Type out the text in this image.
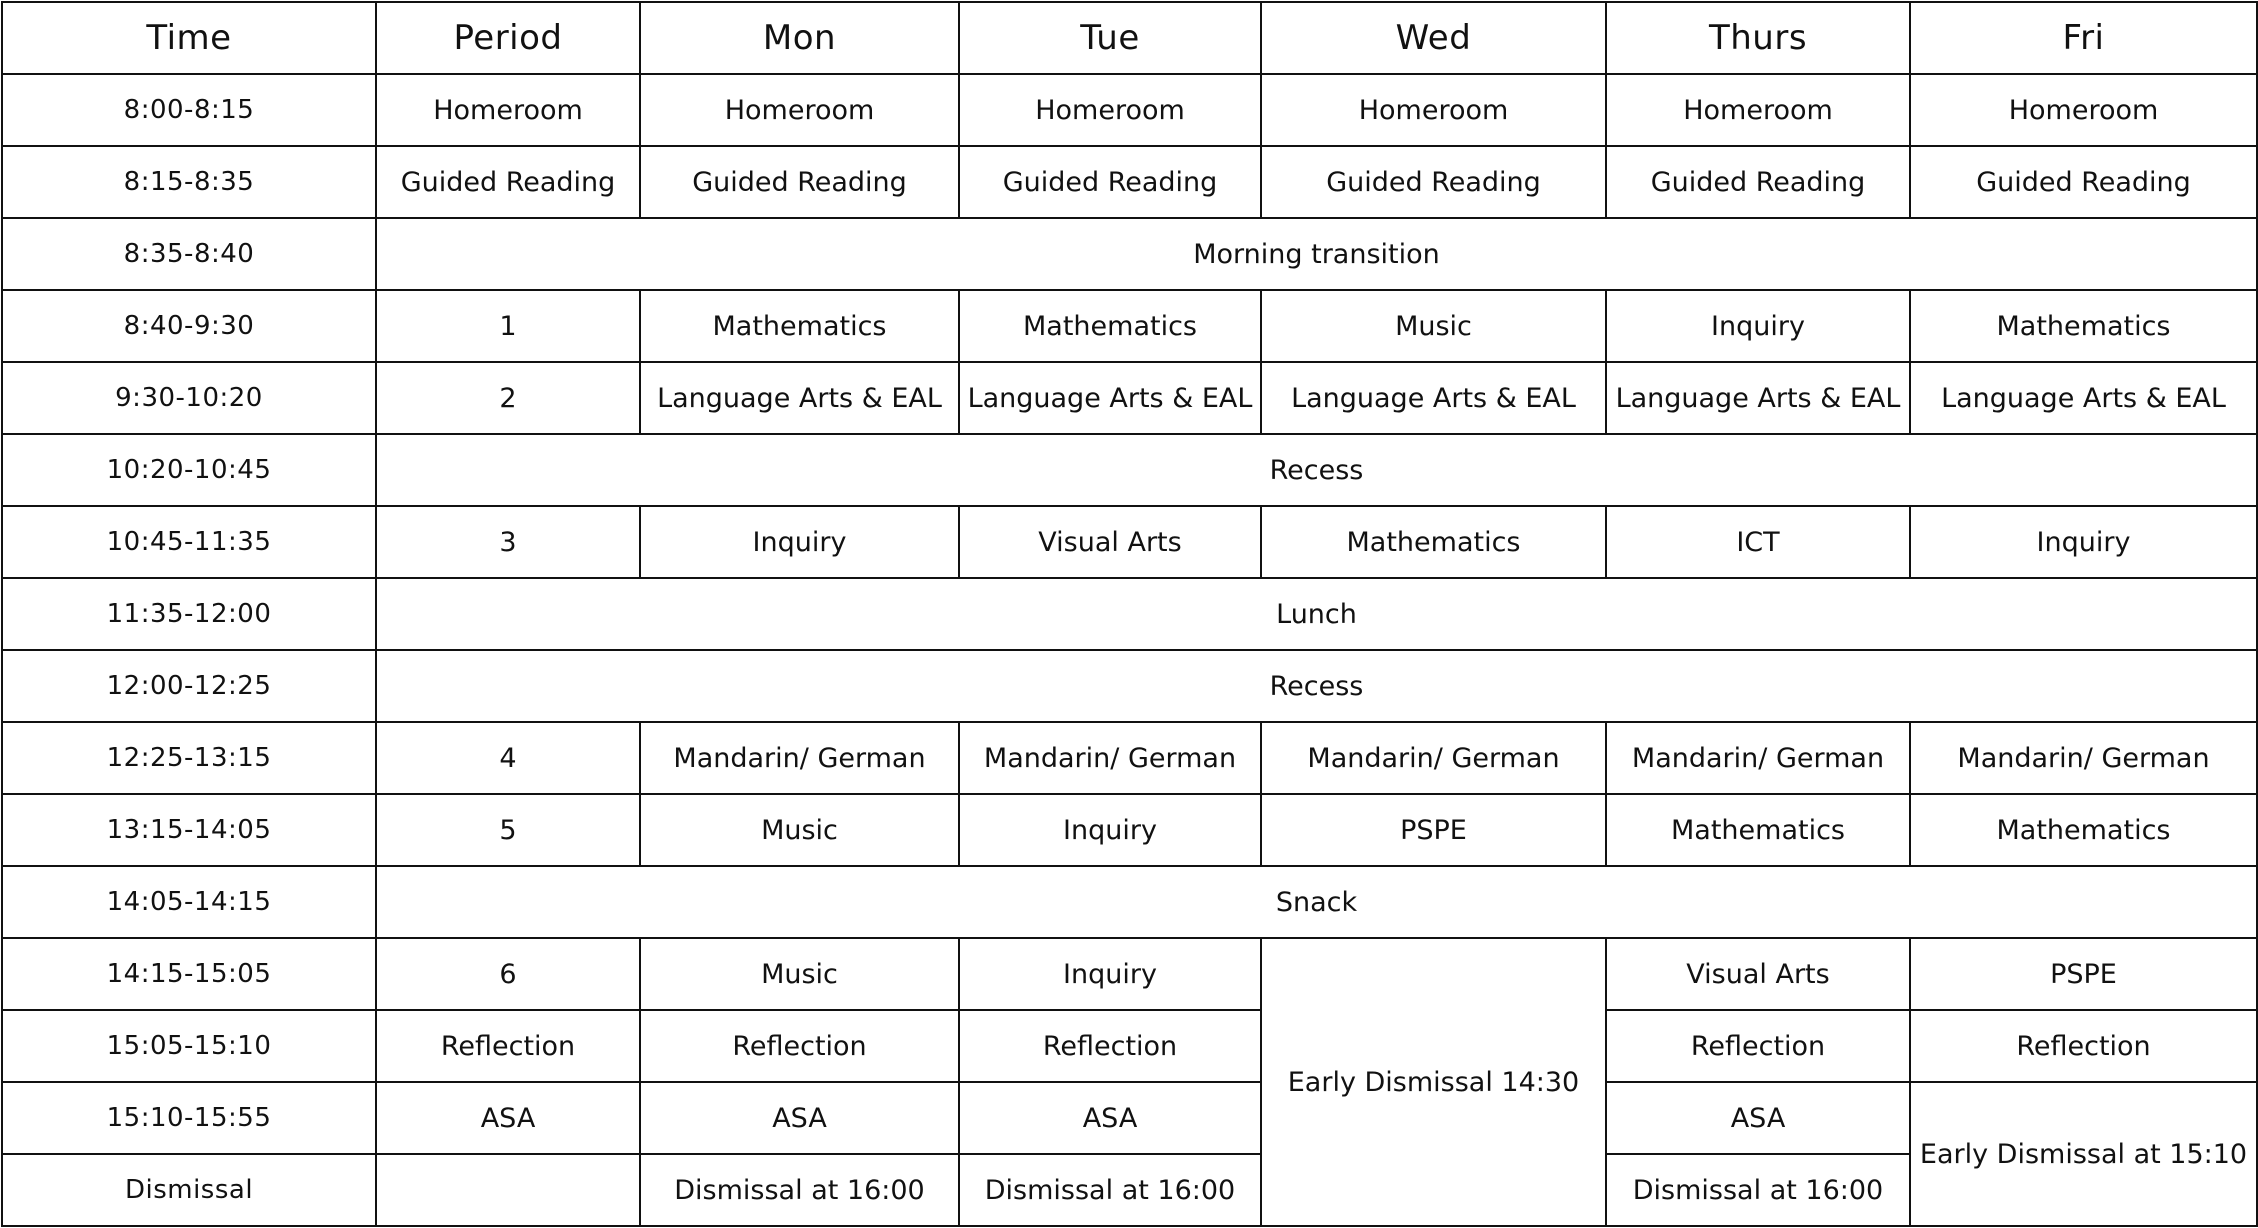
Time	Period	Mon	Tue	Wed	Thurs	Fri
8:00-8:15	Homeroom	Homeroom	Homeroom	Homeroom	Homeroom	Homeroom
8:15-8:35	Guided Reading	Guided Reading	Guided Reading	Guided Reading	Guided Reading	Guided Reading
8:35-8:40	Morning transition					
8:40-9:30	1	Mathematics	Mathematics	Music	Inquiry	Mathematics
9:30-10:20	2	Language Arts & EAL	Language Arts & EAL	Language Arts & EAL	Language Arts & EAL	Language Arts & EAL
10:20-10:45	Recess					
10:45-11:35	3	Inquiry	Visual Arts	Mathematics	ICT	Inquiry
11:35-12:00	Lunch					
12:00-12:25	Recess					
12:25-13:15	4	Mandarin/ German	Mandarin/ German	Mandarin/ German	Mandarin/ German	Mandarin/ German
13:15-14:05	5	Music	Inquiry	PSPE	Mathematics	Mathematics
14:05-14:15	Snack					
14:15-15:05	6	Music	Inquiry	Early Dismissal 14:30	Visual Arts	PSPE
15:05-15:10	Reflection	Reflection	Reflection		Reflection	Reflection
15:10-15:55	ASA	ASA	ASA		ASA	Early Dismissal at 15:10
Dismissal		Dismissal at 16:00	Dismissal at 16:00		Dismissal at 16:00	
